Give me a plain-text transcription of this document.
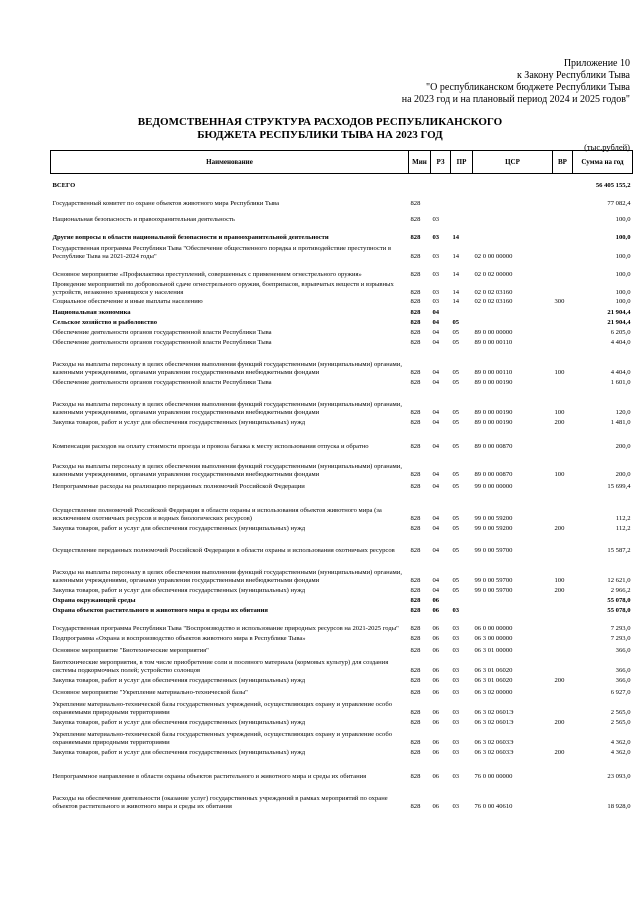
Приложение 10
к Закону Республики Тыва
"О республиканском бюджете Республики Тыва
на 2023 год и на плановый период 2024 и 2025 годов"
ВЕДОМСТВЕННАЯ СТРУКТУРА РАСХОДОВ РЕСПУБЛИКАНСКОГО
БЮДЖЕТА РЕСПУБЛИКИ ТЫВА НА 2023 ГОД
(тыс.рублей)
Наименование	Мин	РЗ	ПР	ЦСР	ВР	Сумма на год
ВСЕГО						56 405 155,2
Государственный комитет по охране объектов животного мира Республики Тыва	828					77 082,4
Национальная безопасность и правоохранительная деятельность	828	03				100,0
Другие вопросы в области национальной безопасности и правоохранительной деятельности	828	03	14			100,0
Государственная программа Республики Тыва "Обеспечение общественного порядка и противодействие преступности в Республике Тыва на 2021-2024 годы"	828	03	14	02 0 00 00000		100,0
Основное мероприятие «Профилактика преступлений, совершенных с применением огнестрельного оружия»	828	03	14	02 0 02 00000		100,0
Проведение мероприятий по добровольной сдаче огнестрельного оружия, боеприпасов, взрывчатых веществ и взрывных устройств, незаконно хранящихся у населения	828	03	14	02 0 02 03160		100,0
Социальное обеспечение и иные выплаты населению	828	03	14	02 0 02 03160	300	100,0
Национальная экономика	828	04				21 904,4
Сельское хозяйство и рыболовство	828	04	05			21 904,4
Обеспечение деятельности органов государственной власти Республики Тыва	828	04	05	89 0 00 00000		6 205,0
Обеспечение деятельности органов государственной власти Республики Тыва	828	04	05	89 0 00 00110		4 404,0
Расходы на выплаты персоналу в целях обеспечения выполнения функций государственными (муниципальными) органами, казенными учреждениями, органами управления государственными внебюджетными фондами	828	04	05	89 0 00 00110	100	4 404,0
Обеспечение деятельности органов государственной власти Республики Тыва	828	04	05	89 0 00 00190		1 601,0
Расходы на выплаты персоналу в целях обеспечения выполнения функций государственными (муниципальными) органами, казенными учреждениями, органами управления государственными внебюджетными фондами	828	04	05	89 0 00 00190	100	120,0
Закупка товаров, работ и услуг для обеспечения государственных (муниципальных) нужд	828	04	05	89 0 00 00190	200	1 481,0
Компенсация расходов на оплату стоимости проезда и провоза багажа к месту использования отпуска и обратно	828	04	05	89 0 00 00870		200,0
Расходы на выплаты персоналу в целях обеспечения выполнения функций государственными (муниципальными) органами, казенными учреждениями, органами управления государственными внебюджетными фондами	828	04	05	89 0 00 00870	100	200,0
Непрограммные расходы на реализацию переданных полномочий Российской Федерации	828	04	05	99 0 00 00000		15 699,4
Осуществление полномочий Российской Федерации в области охраны и использования объектов животного мира (за исключением охотничьих ресурсов и водных биологических ресурсов)	828	04	05	99 0 00 59200		112,2
Закупка товаров, работ и услуг для обеспечения государственных (муниципальных) нужд	828	04	05	99 0 00 59200	200	112,2
Осуществление переданных полномочий Российской Федерации в области охраны и использования охотничьих ресурсов	828	04	05	99 0 00 59700		15 587,2
Расходы на выплаты персоналу в целях обеспечения выполнения функций государственными (муниципальными) органами, казенными учреждениями, органами управления государственными внебюджетными фондами	828	04	05	99 0 00 59700	100	12 621,0
Закупка товаров, работ и услуг для обеспечения государственных (муниципальных) нужд	828	04	05	99 0 00 59700	200	2 966,2
Охрана окружающей среды	828	06				55 078,0
Охрана объектов растительного и животного мира и среды их обитания	828	06	03			55 078,0
Государственная программа Республики Тыва "Воспроизводство и использование природных ресурсов на 2021-2025 годы"	828	06	03	06 0 00 00000		7 293,0
Подпрограмма «Охрана и воспроизводство объектов животного мира в Республике Тыва»	828	06	03	06 3 00 00000		7 293,0
Основное мероприятие "Биотехнические мероприятия"	828	06	03	06 3 01 00000		366,0
Биотехнические мероприятия, в том числе приобретение соли и посевного материала (кормовых культур) для создания системы подкормочных полей; устройство солонцов	828	06	03	06 3 01 06020		366,0
Закупка товаров, работ и услуг для обеспечения государственных (муниципальных) нужд	828	06	03	06 3 01 06020	200	366,0
Основное мероприятие "Укрепление материально-технической базы"	828	06	03	06 3 02 00000		6 927,0
Укрепление материально-технической базы государственных учреждений, осуществляющих охрану и управление особо охраняемыми природными территориями	828	06	03	06 3 02 0601Э		2 565,0
Закупка товаров, работ и услуг для обеспечения государственных (муниципальных) нужд	828	06	03	06 3 02 0601Э	200	2 565,0
Укрепление материально-технической базы государственных учреждений, осуществляющих охрану и управление особо охраняемыми природными территориями	828	06	03	06 3 02 0603Э		4 362,0
Закупка товаров, работ и услуг для обеспечения государственных (муниципальных) нужд	828	06	03	06 3 02 0603Э	200	4 362,0
Непрограммное направление в области охраны объектов растительного и животного мира и среды их обитания	828	06	03	76 0 00 00000		23 093,0
Расходы на обеспечение деятельности (оказание услуг) государственных учреждений в рамках мероприятий по охране объектов растительного и животного мира и среды их обитания	828	06	03	76 0 00 40610		18 928,0
